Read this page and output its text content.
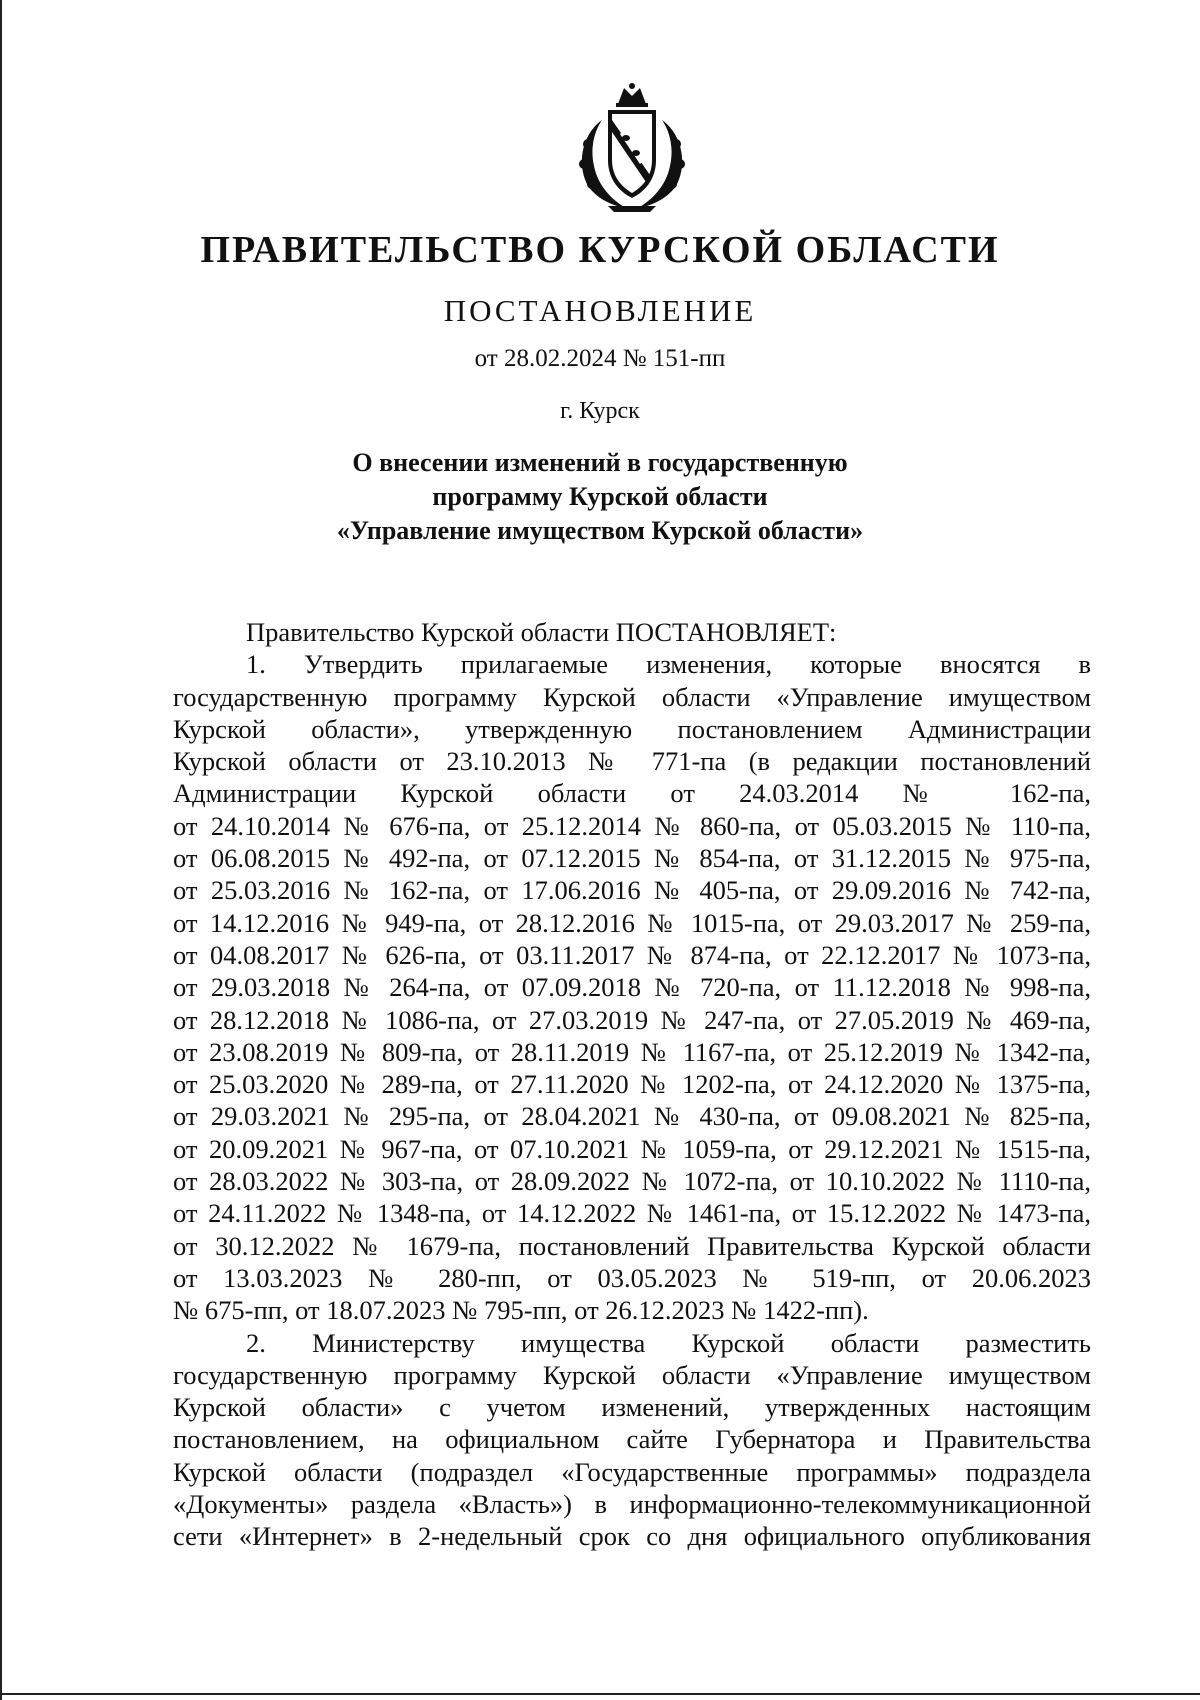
ПРАВИТЕЛЬСТВО КУРСКОЙ ОБЛАСТИ
ПОСТАНОВЛЕНИЕ
от 28.02.2024 № 151-пп
г. Курск
О внесении изменений в государственную
программу Курской области
«Управление имуществом Курской области»

Правительство Курской области ПОСТАНОВЛЯЕТ:

1. Утвердить прилагаемые изменения, которые вносятся в
государственную программу Курской области «Управление имуществом
Курской области», утвержденную постановлением Администрации
Курской области от 23.10.2013 № 771-па (в редакции постановлений
Администрации Курской области от 24.03.2014 № 162-па,
от 24.10.2014 № 676-па, от 25.12.2014 № 860-па, от 05.03.2015 № 110-па,
от 06.08.2015 № 492-па, от 07.12.2015 № 854-па, от 31.12.2015 № 975-па,
от 25.03.2016 № 162-па, от 17.06.2016 № 405-па, от 29.09.2016 № 742-па,
от 14.12.2016 № 949-па, от 28.12.2016 № 1015-па, от 29.03.2017 № 259-па,
от 04.08.2017 № 626-па, от 03.11.2017 № 874-па, от 22.12.2017 № 1073-па,
от 29.03.2018 № 264-па, от 07.09.2018 № 720-па, от 11.12.2018 № 998-па,
от 28.12.2018 № 1086-па, от 27.03.2019 № 247-па, от 27.05.2019 № 469-па,
от 23.08.2019 № 809-па, от 28.11.2019 № 1167-па, от 25.12.2019 № 1342-па,
от 25.03.2020 № 289-па, от 27.11.2020 № 1202-па, от 24.12.2020 № 1375-па,
от 29.03.2021 № 295-па, от 28.04.2021 № 430-па, от 09.08.2021 № 825-па,
от 20.09.2021 № 967-па, от 07.10.2021 № 1059-па, от 29.12.2021 № 1515-па,
от 28.03.2022 № 303-па, от 28.09.2022 № 1072-па, от 10.10.2022 № 1110-па,
от 24.11.2022 № 1348-па, от 14.12.2022 № 1461-па, от 15.12.2022 № 1473-па,
от 30.12.2022 № 1679-па, постановлений Правительства Курской области
от 13.03.2023 № 280-пп, от 03.05.2023 № 519-пп, от 20.06.2023
№ 675-пп, от 18.07.2023 № 795-пп, от 26.12.2023 № 1422-пп).
2. Министерству имущества Курской области разместить
государственную программу Курской области «Управление имуществом
Курской области» с учетом изменений, утвержденных настоящим
постановлением, на официальном сайте Губернатора и Правительства
Курской области (подраздел «Государственные программы» подраздела
«Документы» раздела «Власть») в информационно-телекоммуникационной
сети «Интернет» в 2-недельный срок со дня официального опубликования
